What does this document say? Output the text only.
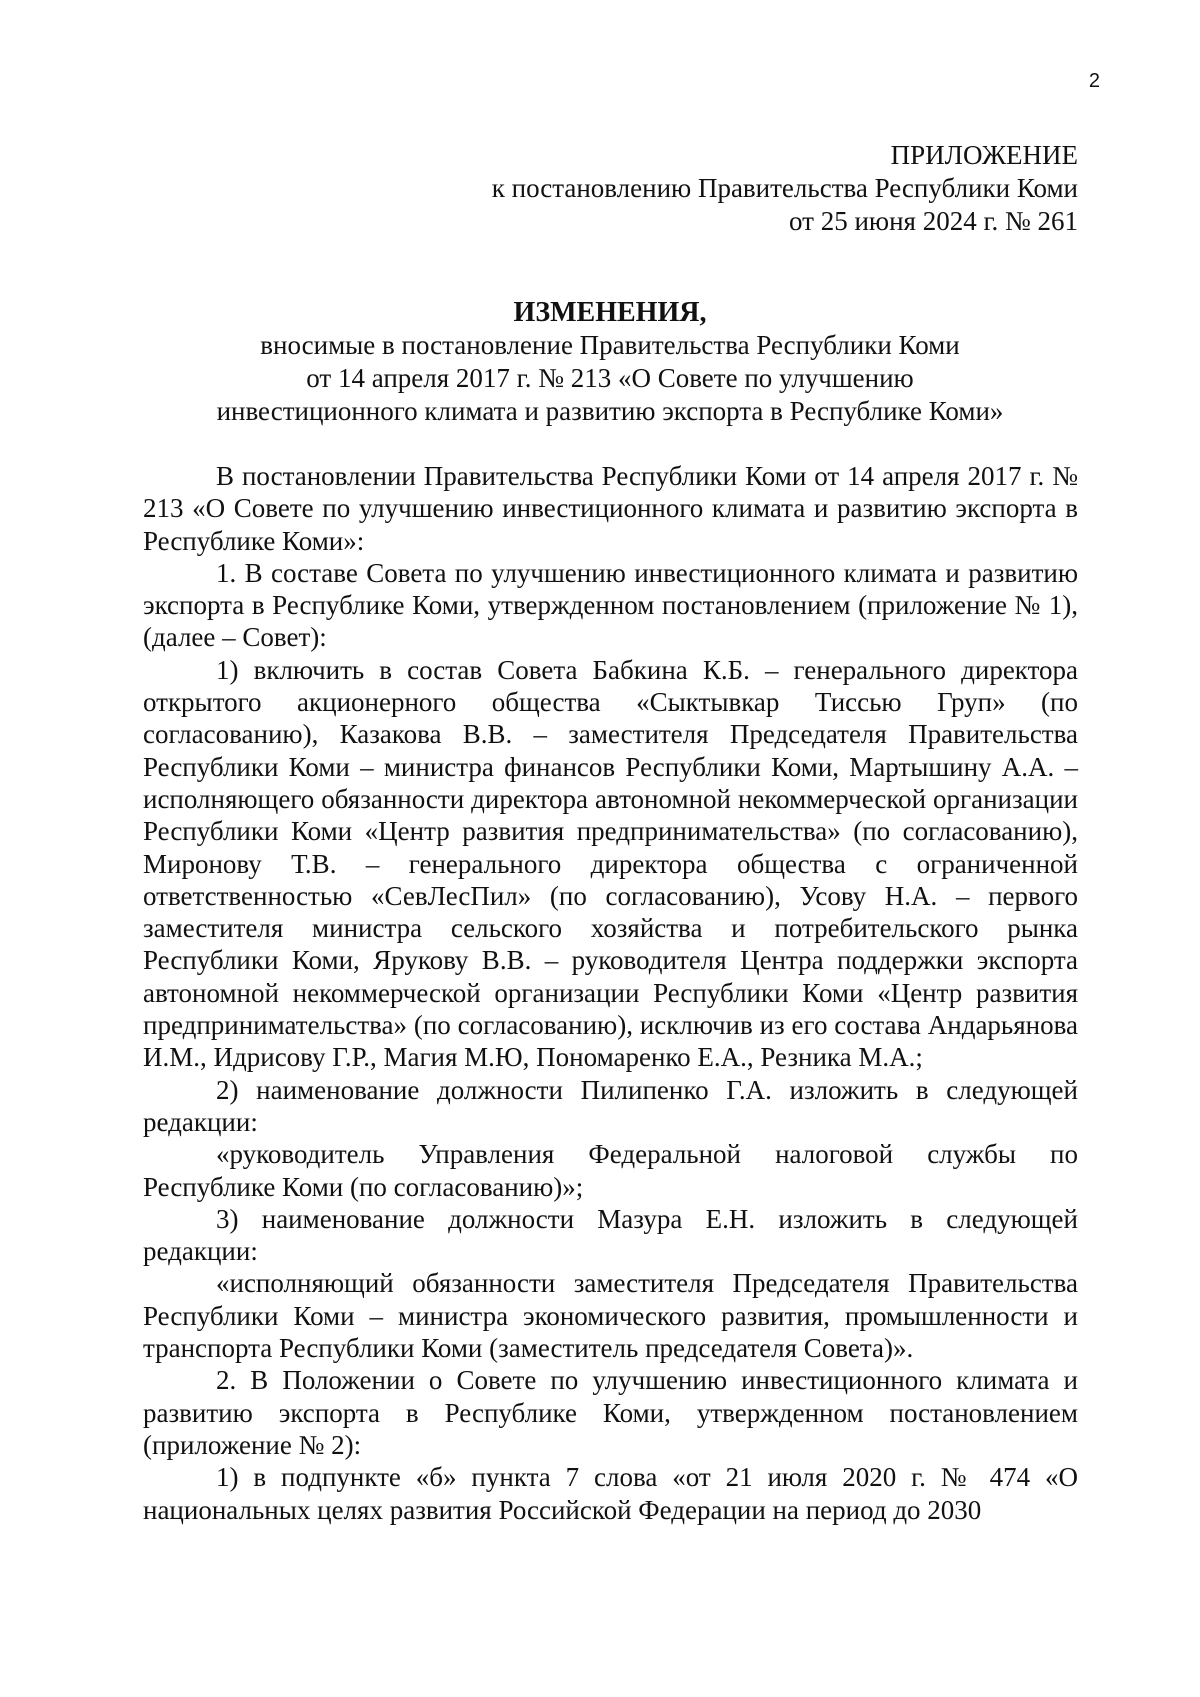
2
ПРИЛОЖЕНИЕ
к постановлению Правительства Республики Коми
от 25 июня 2024 г. № 261
ИЗМЕНЕНИЯ,
вносимые в постановление Правительства Республики Коми
от 14 апреля 2017 г. № 213 «О Совете по улучшению
инвестиционного климата и развитию экспорта в Республике Коми»

В постановлении Правительства Республики Коми от 14 апреля 2017 г. № 213 «О Совете по улучшению инвестиционного климата и развитию экспорта в Республике Коми»:

1. В составе Совета по улучшению инвестиционного климата и развитию экспорта в Республике Коми, утвержденном постановлением (приложение № 1), (далее – Совет):

1) включить в состав Совета Бабкина К.Б. – генерального директора открытого акционерного общества «Сыктывкар Тиссью Груп» (по согласованию), Казакова В.В. – заместителя Председателя Правительства Республики Коми – министра финансов Республики Коми, Мартышину А.А. – исполняющего обязанности директора автономной некоммерческой организации Республики Коми «Центр развития предпринимательства» (по согласованию), Миронову Т.В. – генерального директора общества с ограниченной ответственностью «СевЛесПил» (по согласованию), Усову Н.А. – первого заместителя министра сельского хозяйства и потребительского рынка Республики Коми, Ярукову В.В. – руководителя Центра поддержки экспорта автономной некоммерческой организации Республики Коми «Центр развития предпринимательства» (по согласованию), исключив из его состава Андарьянова И.М., Идрисову Г.Р., Магия М.Ю, Пономаренко Е.А., Резника М.А.;

2) наименование должности Пилипенко Г.А. изложить в следующей редакции:

«руководитель Управления Федеральной налоговой службы по Республике Коми (по согласованию)»;

3) наименование должности Мазура Е.Н. изложить в следующей редакции:

«исполняющий обязанности заместителя Председателя Правительства Республики Коми – министра экономического развития, промышленности и транспорта Республики Коми (заместитель председателя Совета)».

2. В Положении о Совете по улучшению инвестиционного климата и развитию экспорта в Республике Коми, утвержденном постановлением (приложение № 2):

1) в подпункте «б» пункта 7 слова «от 21 июля 2020 г. № 474 «О национальных целях развития Российской Федерации на период до 2030
